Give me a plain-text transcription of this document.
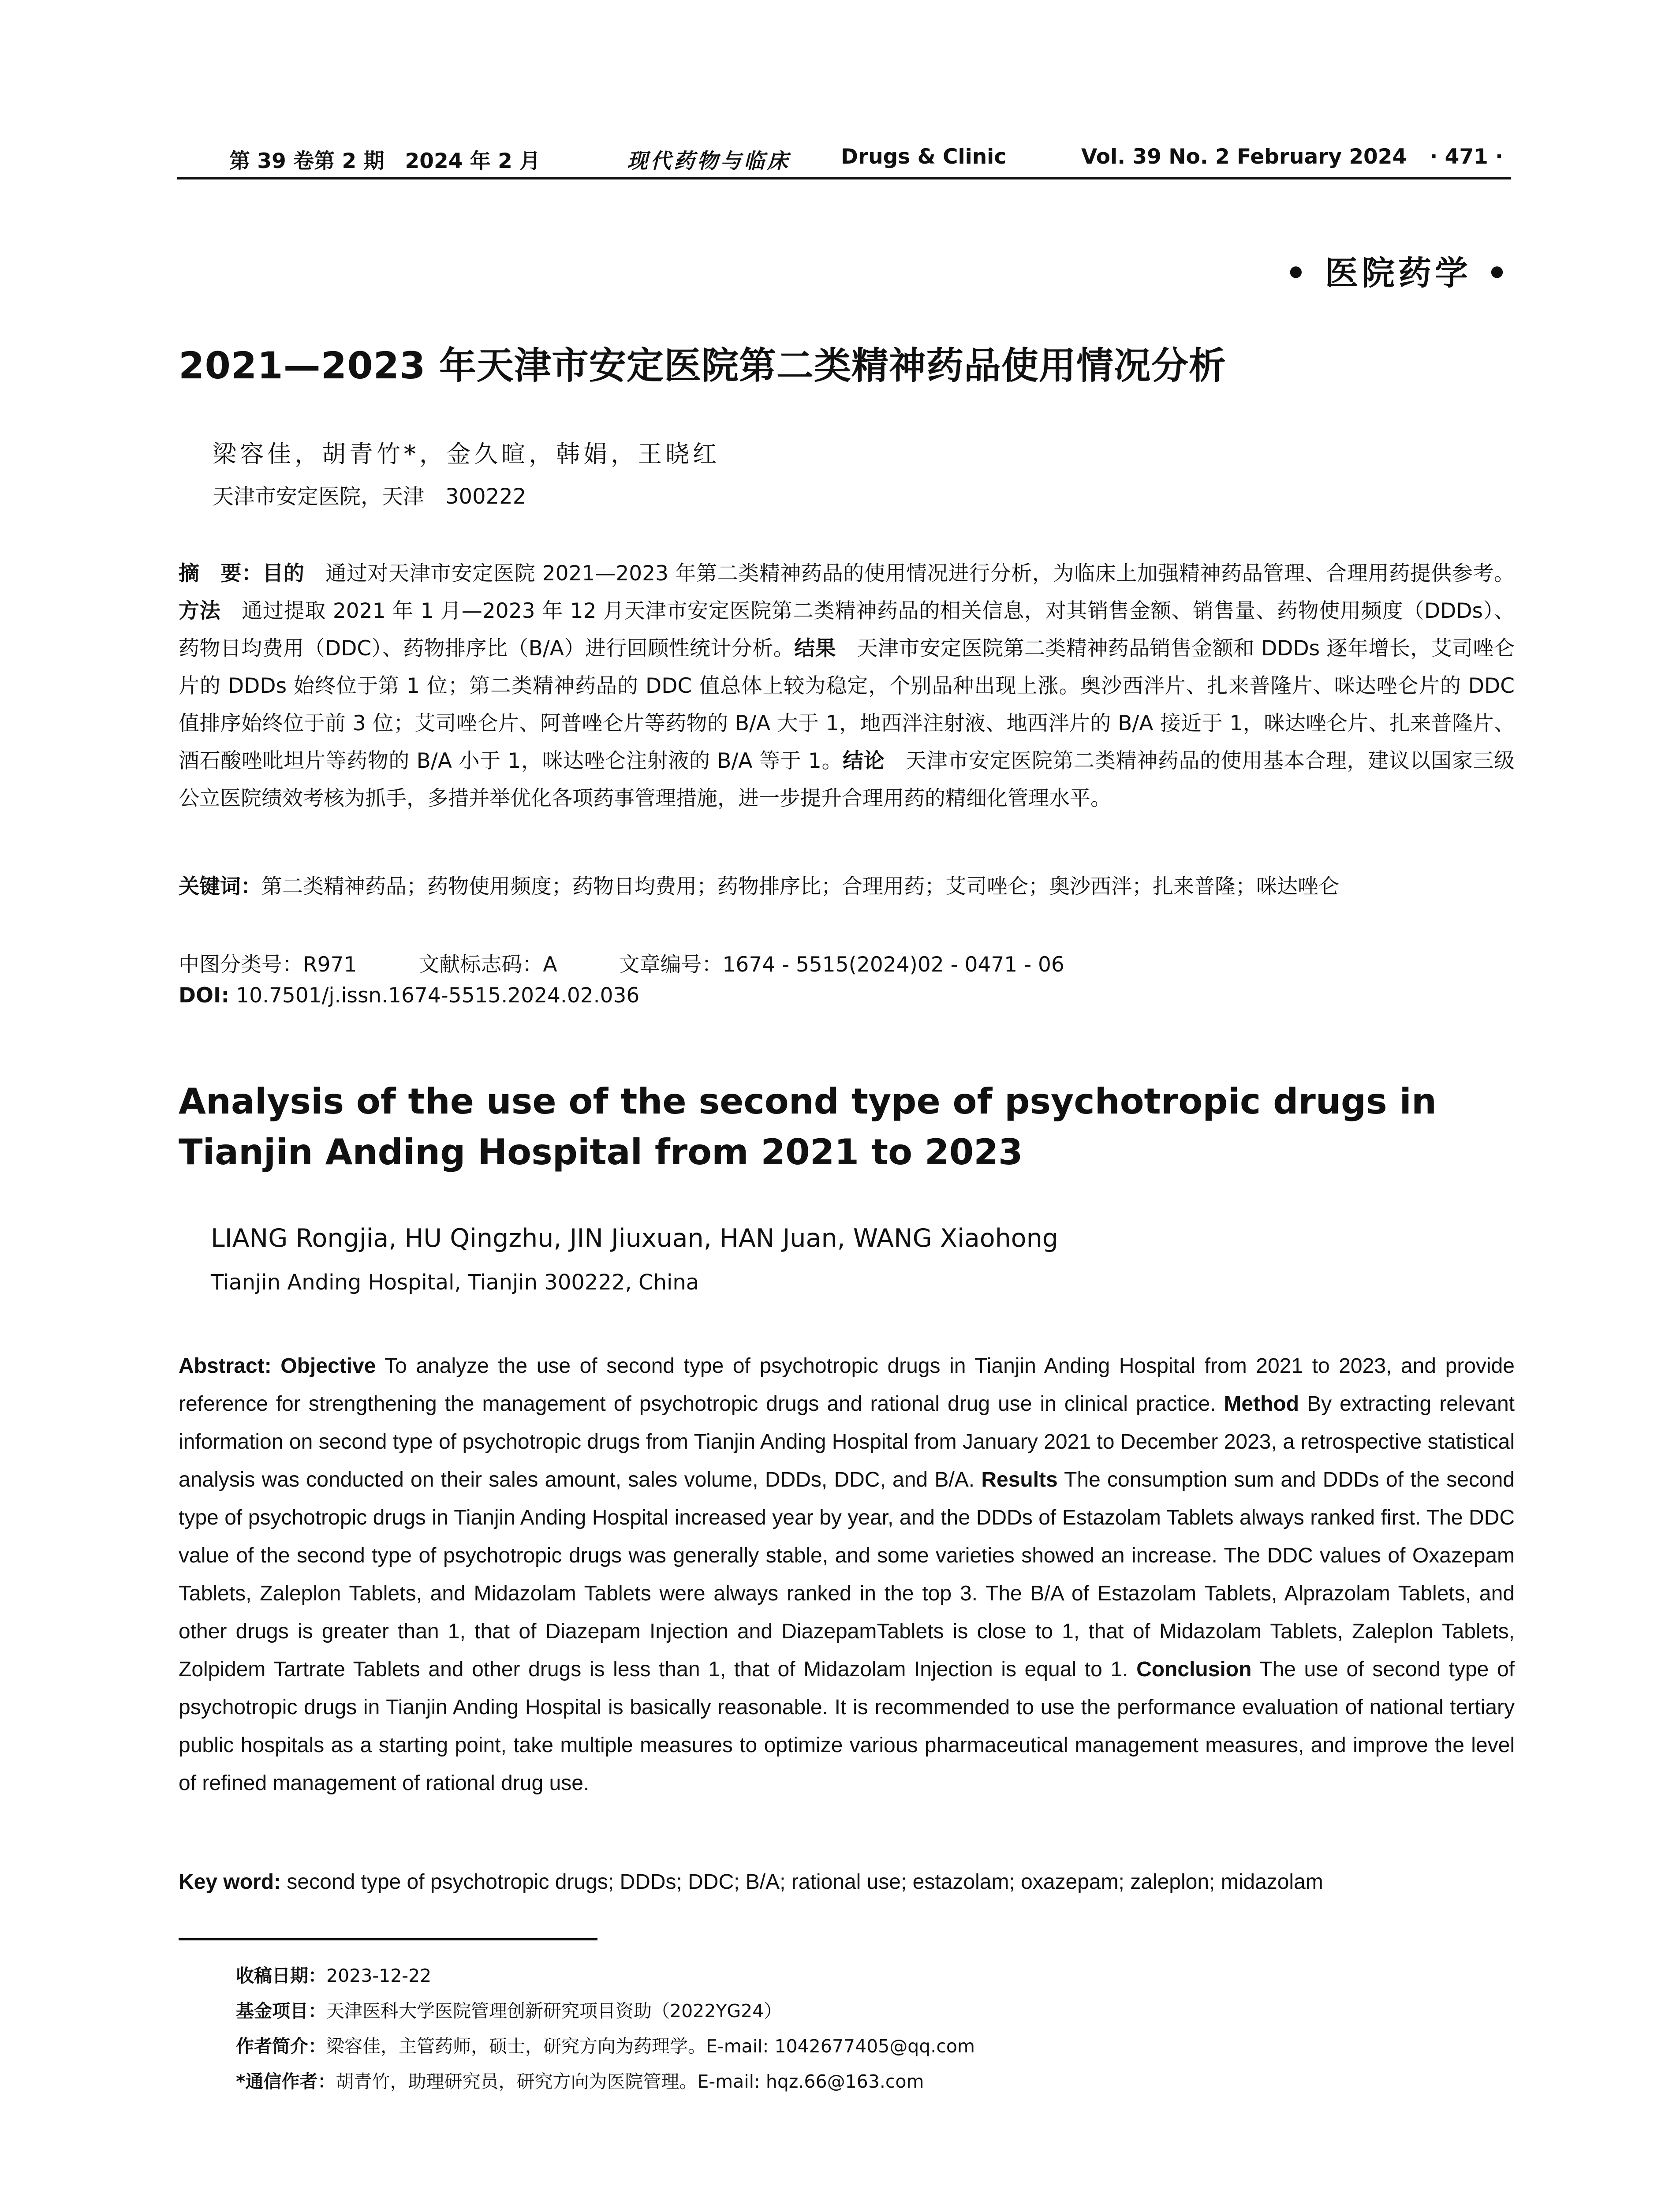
第 39 卷第 2 期　2024 年 2 月	现代药物与临床 Drugs & Clinic	Vol. 39 No. 2 February 2024 · 471 ·
• 医院药学 •
2021—2023 年天津市安定医院第二类精神药品使用情况分析
梁容佳，胡青竹*，金久暄，韩娟，王晓红
天津市安定医院，天津　300222
摘　要：目的　通过对天津市安定医院 2021—2023 年第二类精神药品的使用情况进行分析，为临床上加强精神药品管理、合理用药提供参考。方法　通过提取 2021 年 1 月—2023 年 12 月天津市安定医院第二类精神药品的相关信息，对其销售金额、销售量、药物使用频度（DDDs）、药物日均费用（DDC）、药物排序比（B/A）进行回顾性统计分析。结果　天津市安定医院第二类精神药品销售金额和 DDDs 逐年增长，艾司唑仑片的 DDDs 始终位于第 1 位；第二类精神药品的 DDC 值总体上较为稳定，个别品种出现上涨。奥沙西泮片、扎来普隆片、咪达唑仑片的 DDC 值排序始终位于前 3 位；艾司唑仑片、阿普唑仑片等药物的 B/A 大于 1，地西泮注射液、地西泮片的 B/A 接近于 1，咪达唑仑片、扎来普隆片、酒石酸唑吡坦片等药物的 B/A 小于 1，咪达唑仑注射液的 B/A 等于 1。结论　天津市安定医院第二类精神药品的使用基本合理，建议以国家三级公立医院绩效考核为抓手，多措并举优化各项药事管理措施，进一步提升合理用药的精细化管理水平。
关键词：第二类精神药品；药物使用频度；药物日均费用；药物排序比；合理用药；艾司唑仑；奥沙西泮；扎来普隆；咪达唑仑
中图分类号：R971	文献标志码：A	文章编号：1674 - 5515(2024)02 - 0471 - 06
DOI: 10.7501/j.issn.1674-5515.2024.02.036
Analysis of the use of the second type of psychotropic drugs in Tianjin Anding Hospital from 2021 to 2023
LIANG Rongjia, HU Qingzhu, JIN Jiuxuan, HAN Juan, WANG Xiaohong
Tianjin Anding Hospital, Tianjin 300222, China
Abstract: Objective To analyze the use of second type of psychotropic drugs in Tianjin Anding Hospital from 2021 to 2023, and provide reference for strengthening the management of psychotropic drugs and rational drug use in clinical practice. Method By extracting relevant information on second type of psychotropic drugs from Tianjin Anding Hospital from January 2021 to December 2023, a retrospective statistical analysis was conducted on their sales amount, sales volume, DDDs, DDC, and B/A. Results The consumption sum and DDDs of the second type of psychotropic drugs in Tianjin Anding Hospital increased year by year, and the DDDs of Estazolam Tablets always ranked first. The DDC value of the second type of psychotropic drugs was generally stable, and some varieties showed an increase. The DDC values of Oxazepam Tablets, Zaleplon Tablets, and Midazolam Tablets were always ranked in the top 3. The B/A of Estazolam Tablets, Alprazolam Tablets, and other drugs is greater than 1, that of Diazepam Injection and DiazepamTablets is close to 1, that of Midazolam Tablets, Zaleplon Tablets, Zolpidem Tartrate Tablets and other drugs is less than 1, that of Midazolam Injection is equal to 1. Conclusion The use of second type of psychotropic drugs in Tianjin Anding Hospital is basically reasonable. It is recommended to use the performance evaluation of national tertiary public hospitals as a starting point, take multiple measures to optimize various pharmaceutical management measures, and improve the level of refined management of rational drug use.
Key word: second type of psychotropic drugs; DDDs; DDC; B/A; rational use; estazolam; oxazepam; zaleplon; midazolam
收稿日期：2023-12-22
基金项目：天津医科大学医院管理创新研究项目资助（2022YG24）
作者简介：梁容佳，主管药师，硕士，研究方向为药理学。E-mail: 1042677405@qq.com
*通信作者：胡青竹，助理研究员，研究方向为医院管理。E-mail: hqz.66@163.com
